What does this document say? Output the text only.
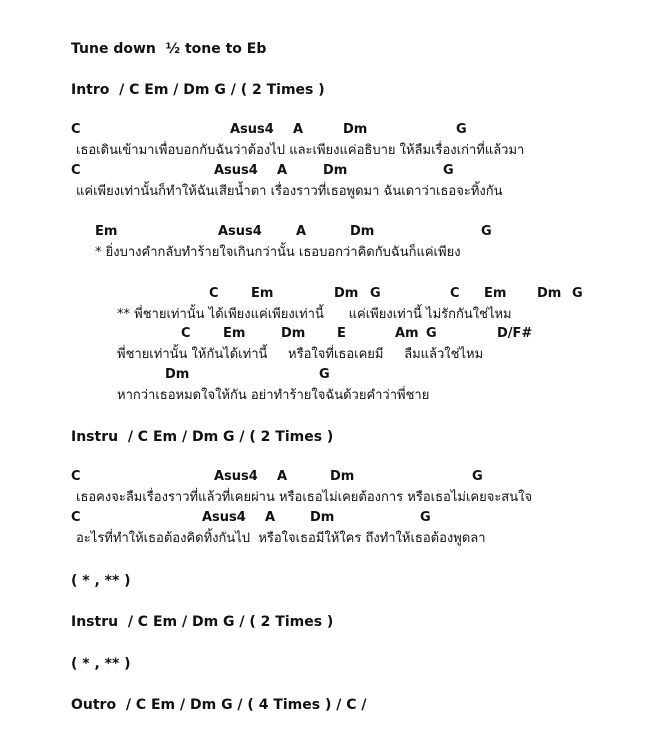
Tune down  ½ tone to Eb
Intro  / C Em / Dm G / ( 2 Times )
C	Asus4 A	Dm	G
เธอเดินเข้ามาเพื่อบอกกับฉันว่าต้องไป และเพียงแค่อธิบาย ให้ลืมเรื่องเก่าที่แล้วมา
C	Asus4 A	Dm	G
แค่เพียงเท่านั้นก็ทำให้ฉันเสียน้ำตา เรื่องราวที่เธอพูดมา ฉันเดาว่าเธอจะทิ้งกัน
Em	Asus4	A	Dm	G
* ยิ่งบางคำกลับทำร้ายใจเกินกว่านั้น เธอบอกว่าคิดกับฉันก็แค่เพียง
C Em	Dm G	C Em Dm G
** พี่ชายเท่านั้น ได้เพียงแค่เพียงเท่านี้      แค่เพียงเท่านี้ ไม่รักกันใช่ไหม
C Em	Dm E	Am G	D/F#
พี่ชายเท่านั้น ให้กันได้เท่านี้     หรือใจที่เธอเคยมี     ลืมแล้วใช่ไหม
Dm	G
หากว่าเธอหมดใจให้กัน อย่าทำร้ายใจฉันด้วยคำว่าพี่ชาย
Instru  / C Em / Dm G / ( 2 Times )
C	Asus4 A	Dm	G
เธอคงจะลืมเรื่องราวที่แล้วที่เคยผ่าน หรือเธอไม่เคยต้องการ หรือเธอไม่เคยจะสนใจ
C	Asus4 A	Dm	G
อะไรที่ทำให้เธอต้องคิดทิ้งกันไป  หรือใจเธอมีให้ใคร ถึงทำให้เธอต้องพูดลา
( * , ** )
Instru  / C Em / Dm G / ( 2 Times )
( * , ** )
Outro  / C Em / Dm G / ( 4 Times ) / C /
